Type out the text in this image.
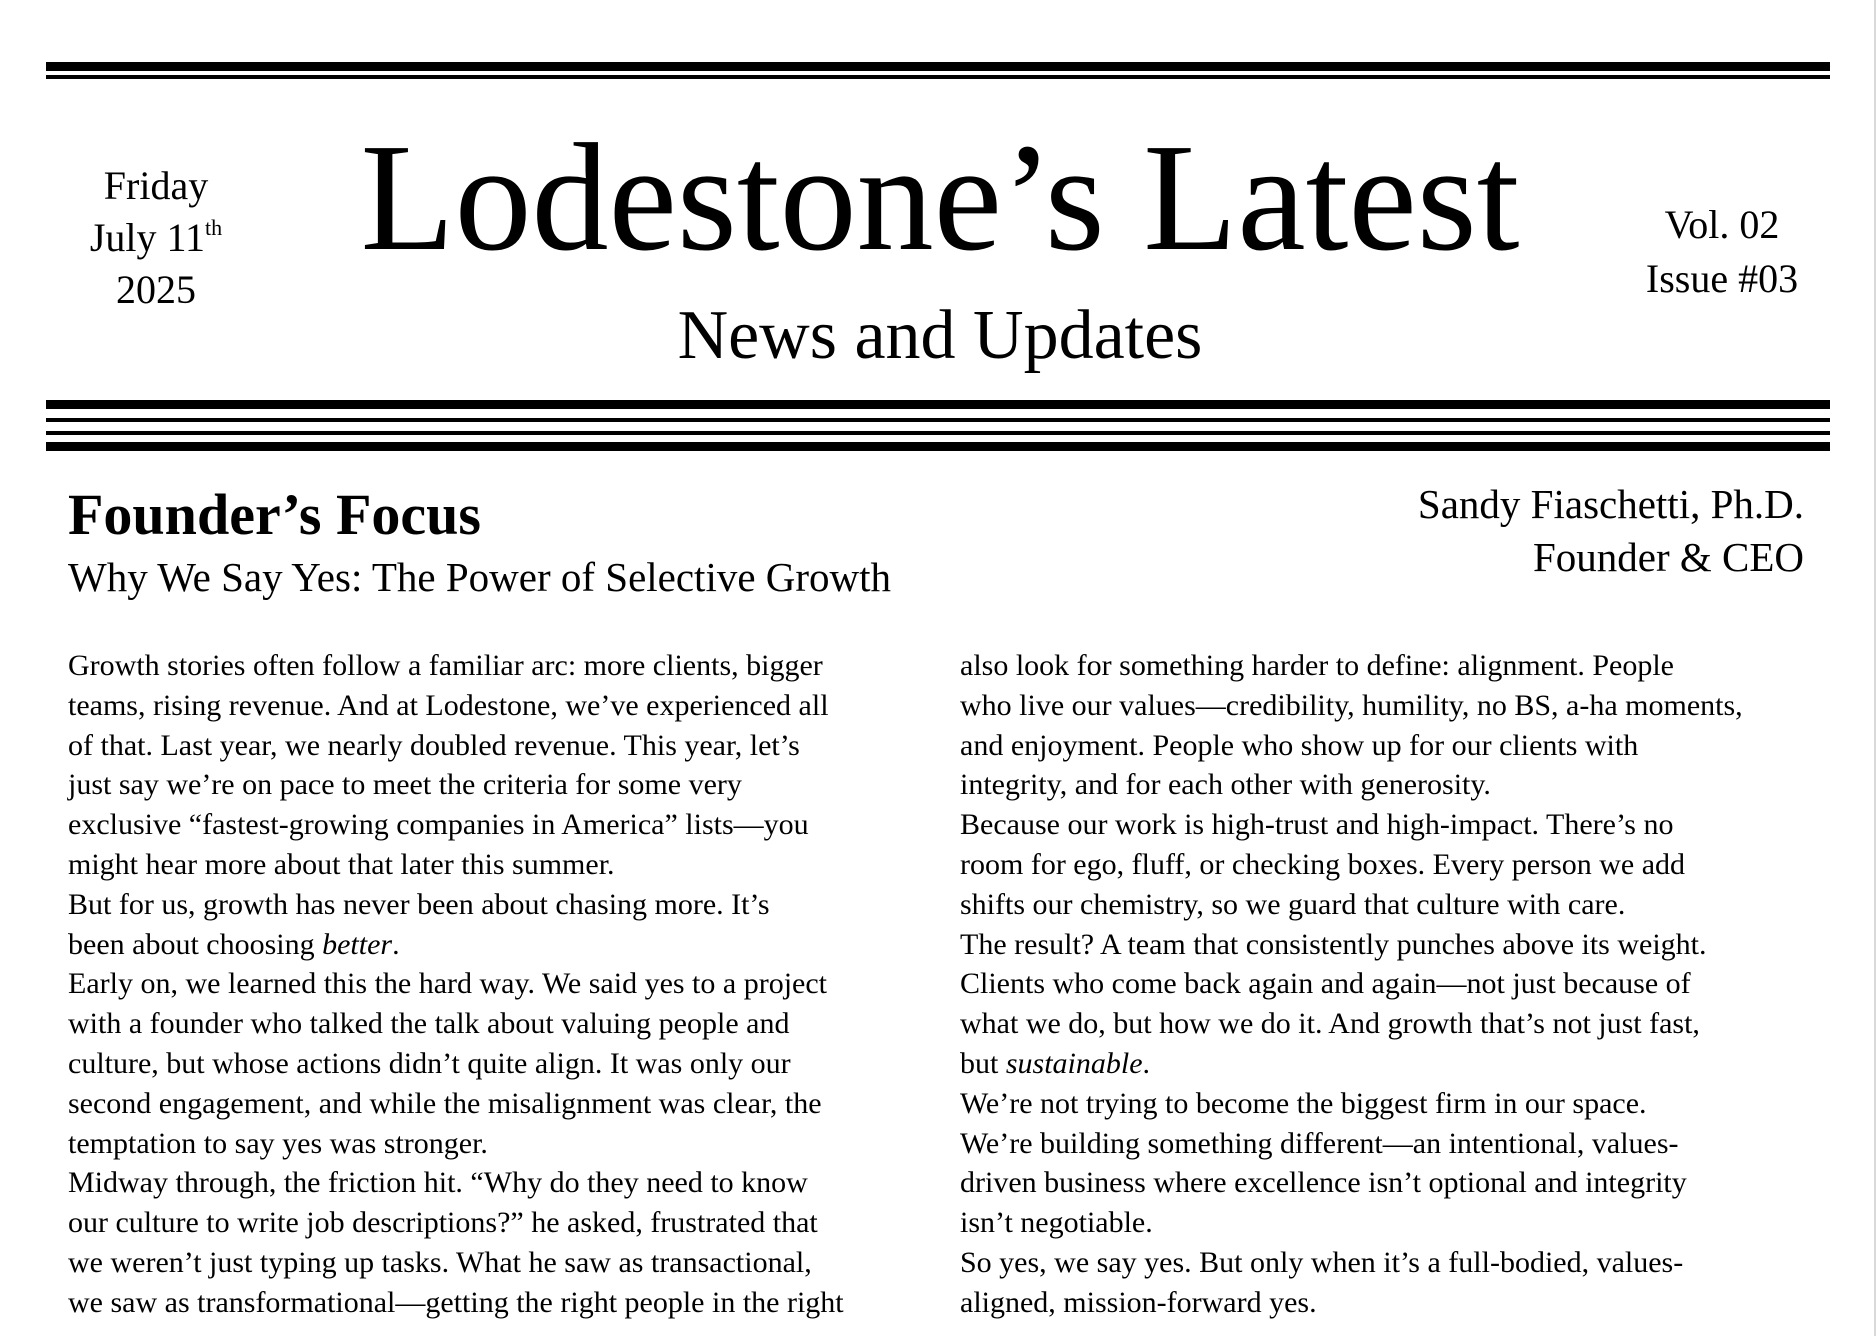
Friday
July 11th
2025
Lodestone’s Latest
News and Updates
Vol. 02
Issue #03
Founder’s Focus
Why We Say Yes: The Power of Selective Growth
Sandy Fiaschetti, Ph.D.
Founder & CEO

Growth stories often follow a familiar arc: more clients, bigger
teams, rising revenue. And at Lodestone, we’ve experienced all
of that. Last year, we nearly doubled revenue. This year, let’s
just say we’re on pace to meet the criteria for some very
exclusive “fastest-growing companies in America” lists—you
might hear more about that later this summer.

But for us, growth has never been about chasing more. It’s
been about choosing better.

Early on, we learned this the hard way. We said yes to a project
with a founder who talked the talk about valuing people and
culture, but whose actions didn’t quite align. It was only our
second engagement, and while the misalignment was clear, the
temptation to say yes was stronger.

Midway through, the friction hit. “Why do they need to know
our culture to write job descriptions?” he asked, frustrated that
we weren’t just typing up tasks. What he saw as transactional,
we saw as transformational—getting the right people in the right

also look for something harder to define: alignment. People
who live our values—credibility, humility, no BS, a-ha moments,
and enjoyment. People who show up for our clients with
integrity, and for each other with generosity.

Because our work is high-trust and high-impact. There’s no
room for ego, fluff, or checking boxes. Every person we add
shifts our chemistry, so we guard that culture with care.

The result? A team that consistently punches above its weight.
Clients who come back again and again—not just because of
what we do, but how we do it. And growth that’s not just fast,
but sustainable.

We’re not trying to become the biggest firm in our space.

We’re building something different—an intentional, values-
driven business where excellence isn’t optional and integrity
isn’t negotiable.

So yes, we say yes. But only when it’s a full-bodied, values-
aligned, mission-forward yes.
